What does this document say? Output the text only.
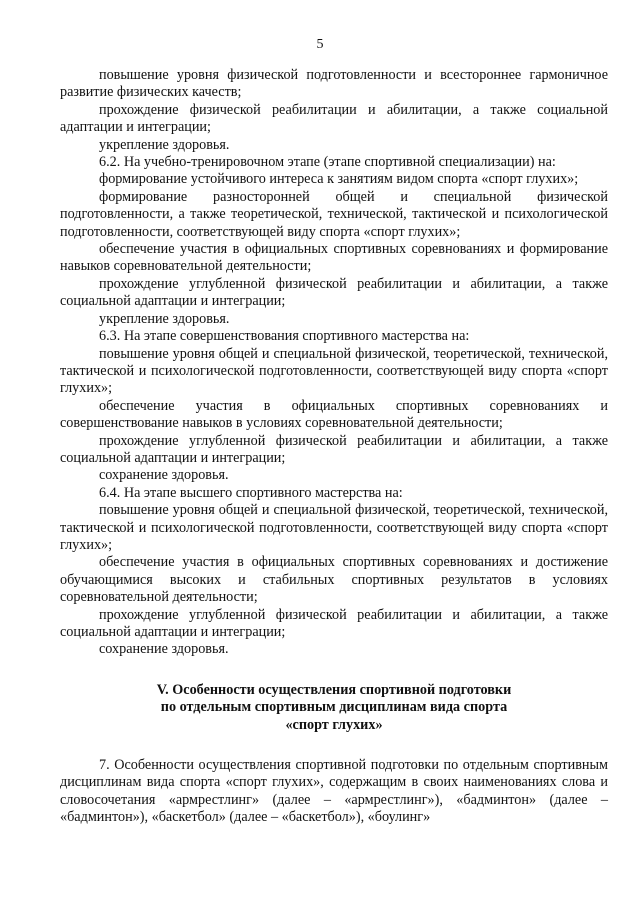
5

повышение уровня физической подготовленности и всестороннее гармоничное развитие физических качеств;

прохождение физической реабилитации и абилитации, а также социальной адаптации и интеграции;

укрепление здоровья.

6.2. На учебно-тренировочном этапе (этапе спортивной специализации) на:

формирование устойчивого интереса к занятиям видом спорта «спорт глухих»;

формирование разносторонней общей и специальной физической подготовленности, а также теоретической, технической, тактической и психологической подготовленности, соответствующей виду спорта «спорт глухих»;

обеспечение участия в официальных спортивных соревнованиях и формирование навыков соревновательной деятельности;

прохождение углубленной физической реабилитации и абилитации, а также социальной адаптации и интеграции;

укрепление здоровья.

6.3. На этапе совершенствования спортивного мастерства на:

повышение уровня общей и специальной физической, теоретической, технической, тактической и психологической подготовленности, соответствующей виду спорта «спорт глухих»;

обеспечение участия в официальных спортивных соревнованиях и совершенствование навыков в условиях соревновательной деятельности;

прохождение углубленной физической реабилитации и абилитации, а также социальной адаптации и интеграции;

сохранение здоровья.

6.4. На этапе высшего спортивного мастерства на:

повышение уровня общей и специальной физической, теоретической, технической, тактической и психологической подготовленности, соответствующей виду спорта «спорт глухих»;

обеспечение участия в официальных спортивных соревнованиях и достижение обучающимися высоких и стабильных спортивных результатов в условиях соревновательной деятельности;

прохождение углубленной физической реабилитации и абилитации, а также социальной адаптации и интеграции;

сохранение здоровья.

V. Особенности осуществления спортивной подготовки
по отдельным спортивным дисциплинам вида спорта
«спорт глухих»

7. Особенности осуществления спортивной подготовки по отдельным спортивным дисциплинам вида спорта «спорт глухих», содержащим в своих наименованиях слова и словосочетания «армрестлинг» (далее – «армрестлинг»), «бадминтон» (далее – «бадминтон»), «баскетбол» (далее – «баскетбол»), «боулинг»
